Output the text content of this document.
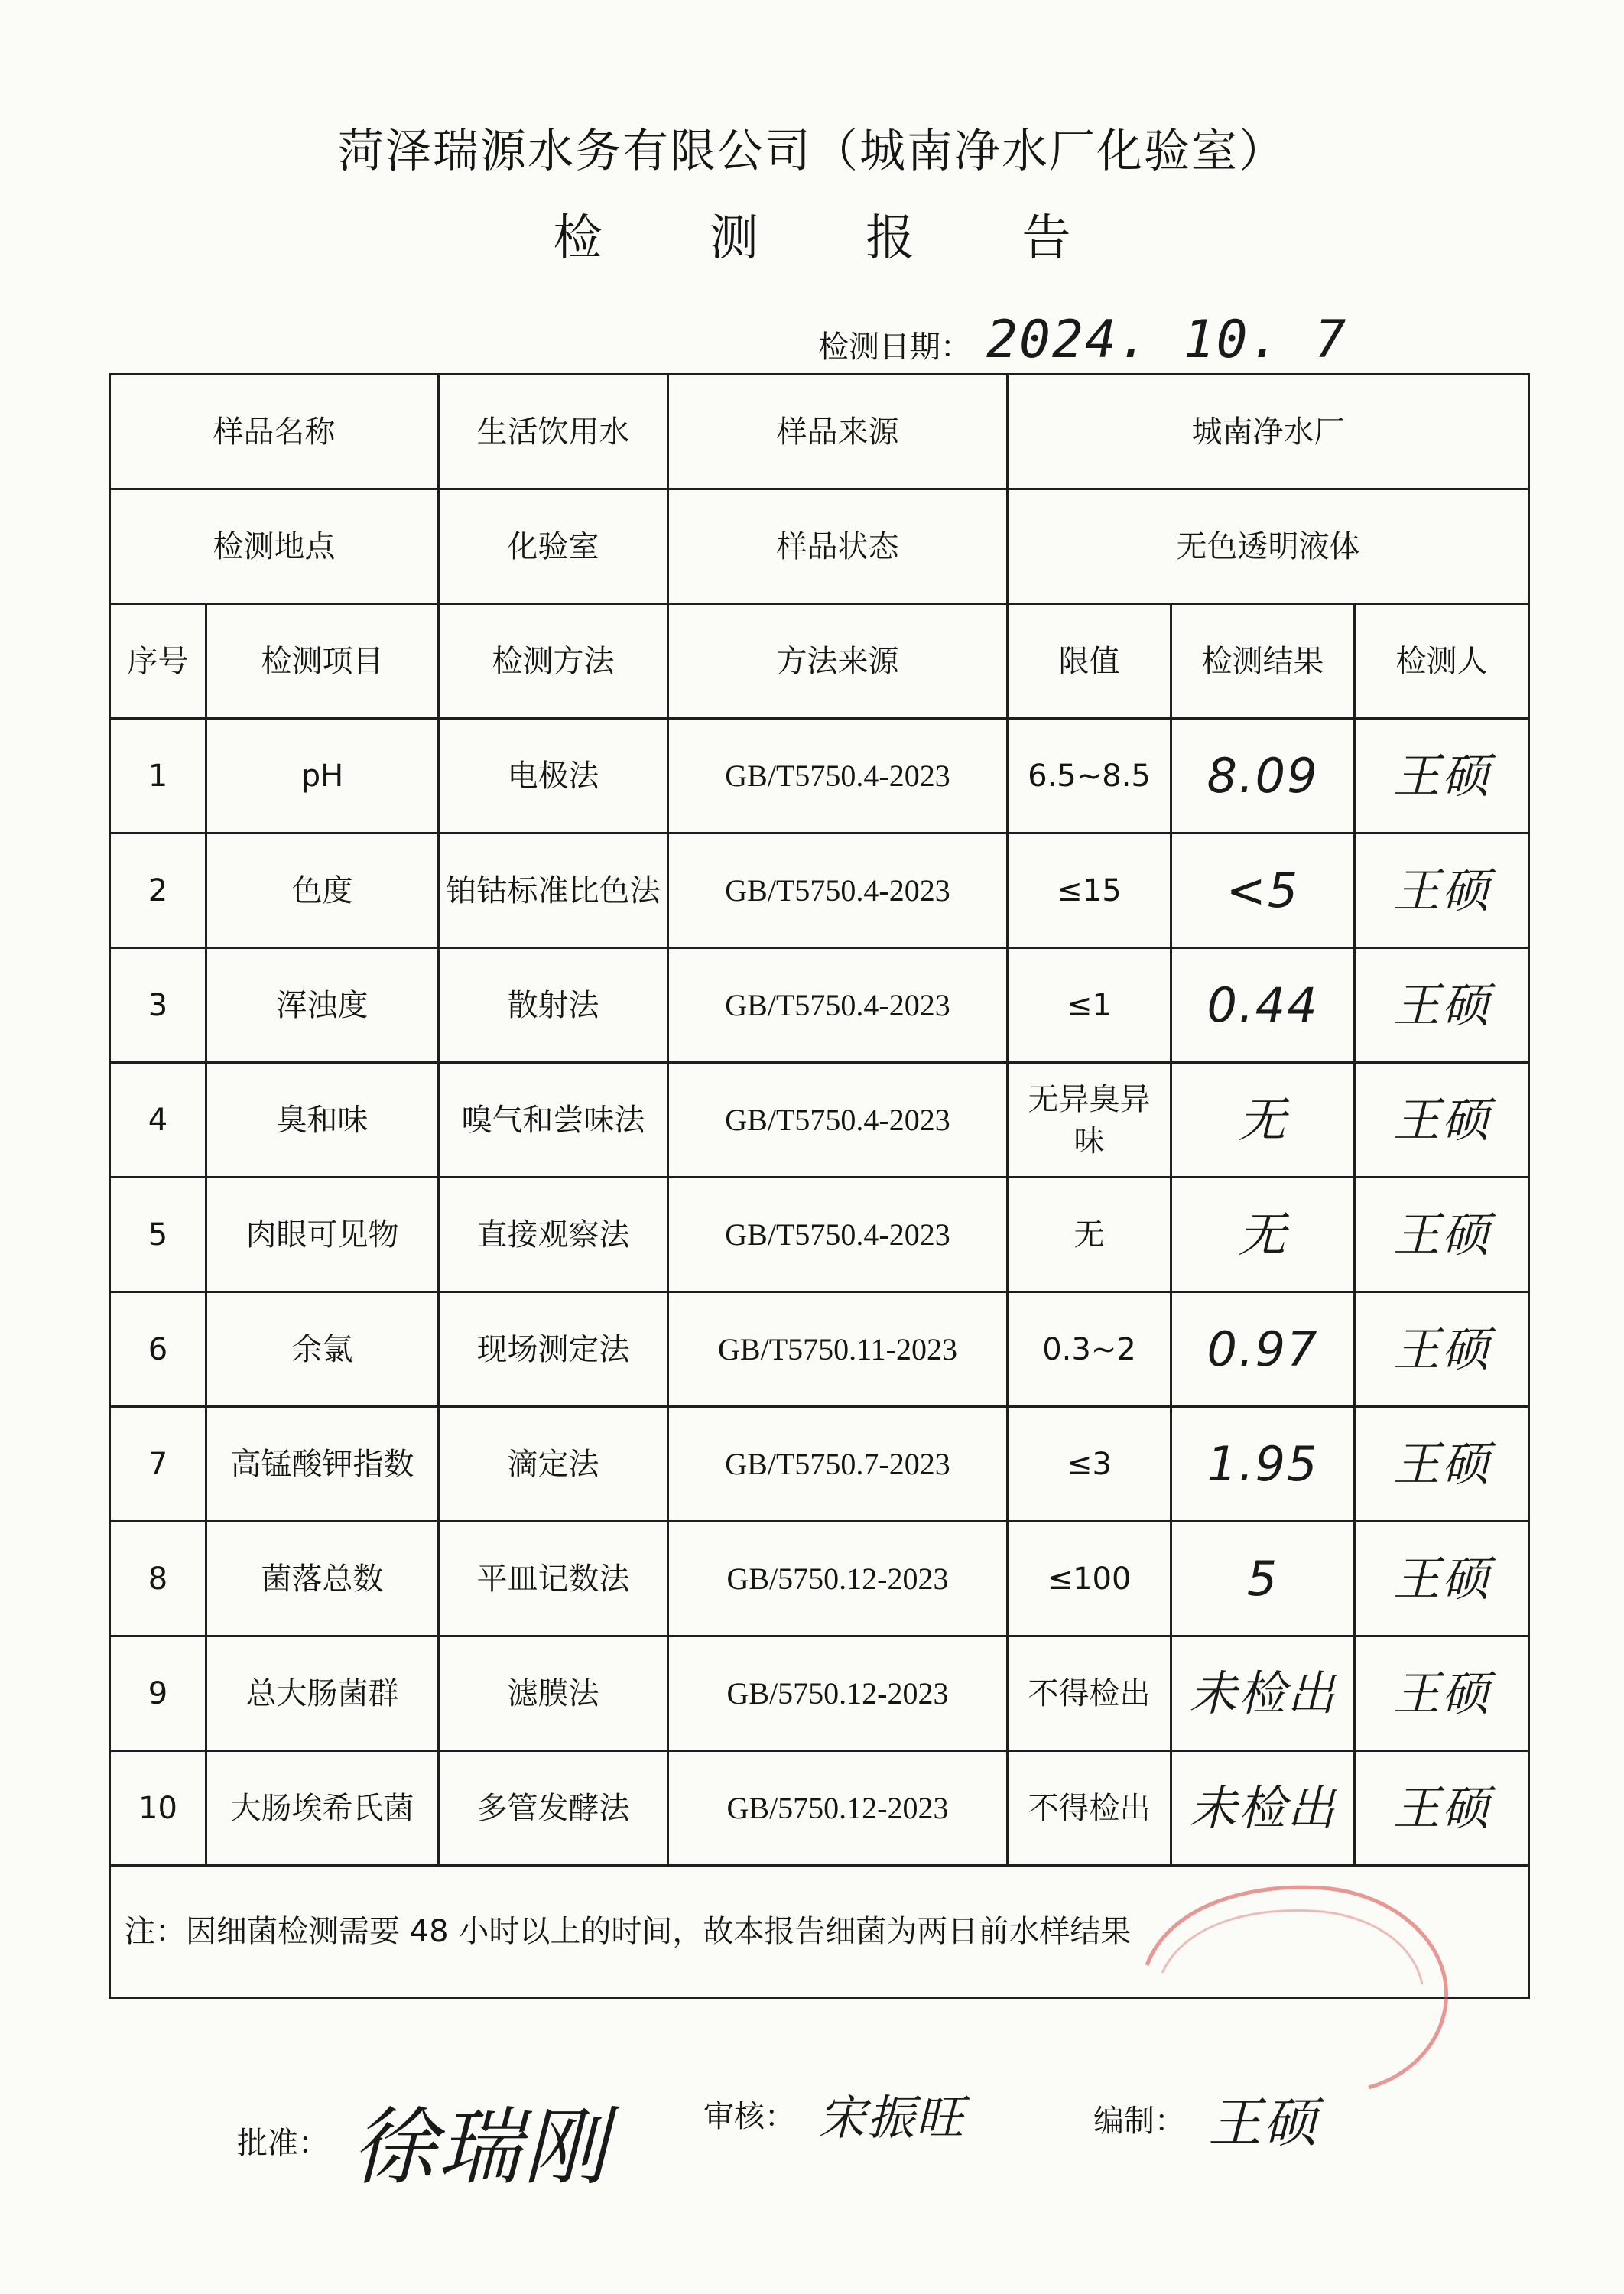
菏泽瑞源水务有限公司（城南净水厂化验室）
检 测 报 告
检测日期： 2024. 10. 7
样品名称		生活饮用水	样品来源	城南净水厂		
检测地点		化验室	样品状态	无色透明液体		
序号	检测项目	检测方法	方法来源	限值	检测结果	检测人
1	pH	电极法	GB/T5750.4-2023	6.5~8.5	8.09	王硕
2	色度	铂钴标准比色法	GB/T5750.4-2023	≤15	<5	王硕
3	浑浊度	散射法	GB/T5750.4-2023	≤1	0.44	王硕
4	臭和味	嗅气和尝味法	GB/T5750.4-2023	无异臭异味	无	王硕
5	肉眼可见物	直接观察法	GB/T5750.4-2023	无	无	王硕
6	余氯	现场测定法	GB/T5750.11-2023	0.3~2	0.97	王硕
7	高锰酸钾指数	滴定法	GB/T5750.7-2023	≤3	1.95	王硕
8	菌落总数	平皿记数法	GB/5750.12-2023	≤100	5	王硕
9	总大肠菌群	滤膜法	GB/5750.12-2023	不得检出	未检出	王硕
10	大肠埃希氏菌	多管发酵法	GB/5750.12-2023	不得检出	未检出	王硕
注：因细菌检测需要 48 小时以上的时间，故本报告细菌为两日前水样结果						
批准： 徐瑞刚	审核： 宋振旺	编制： 王硕
